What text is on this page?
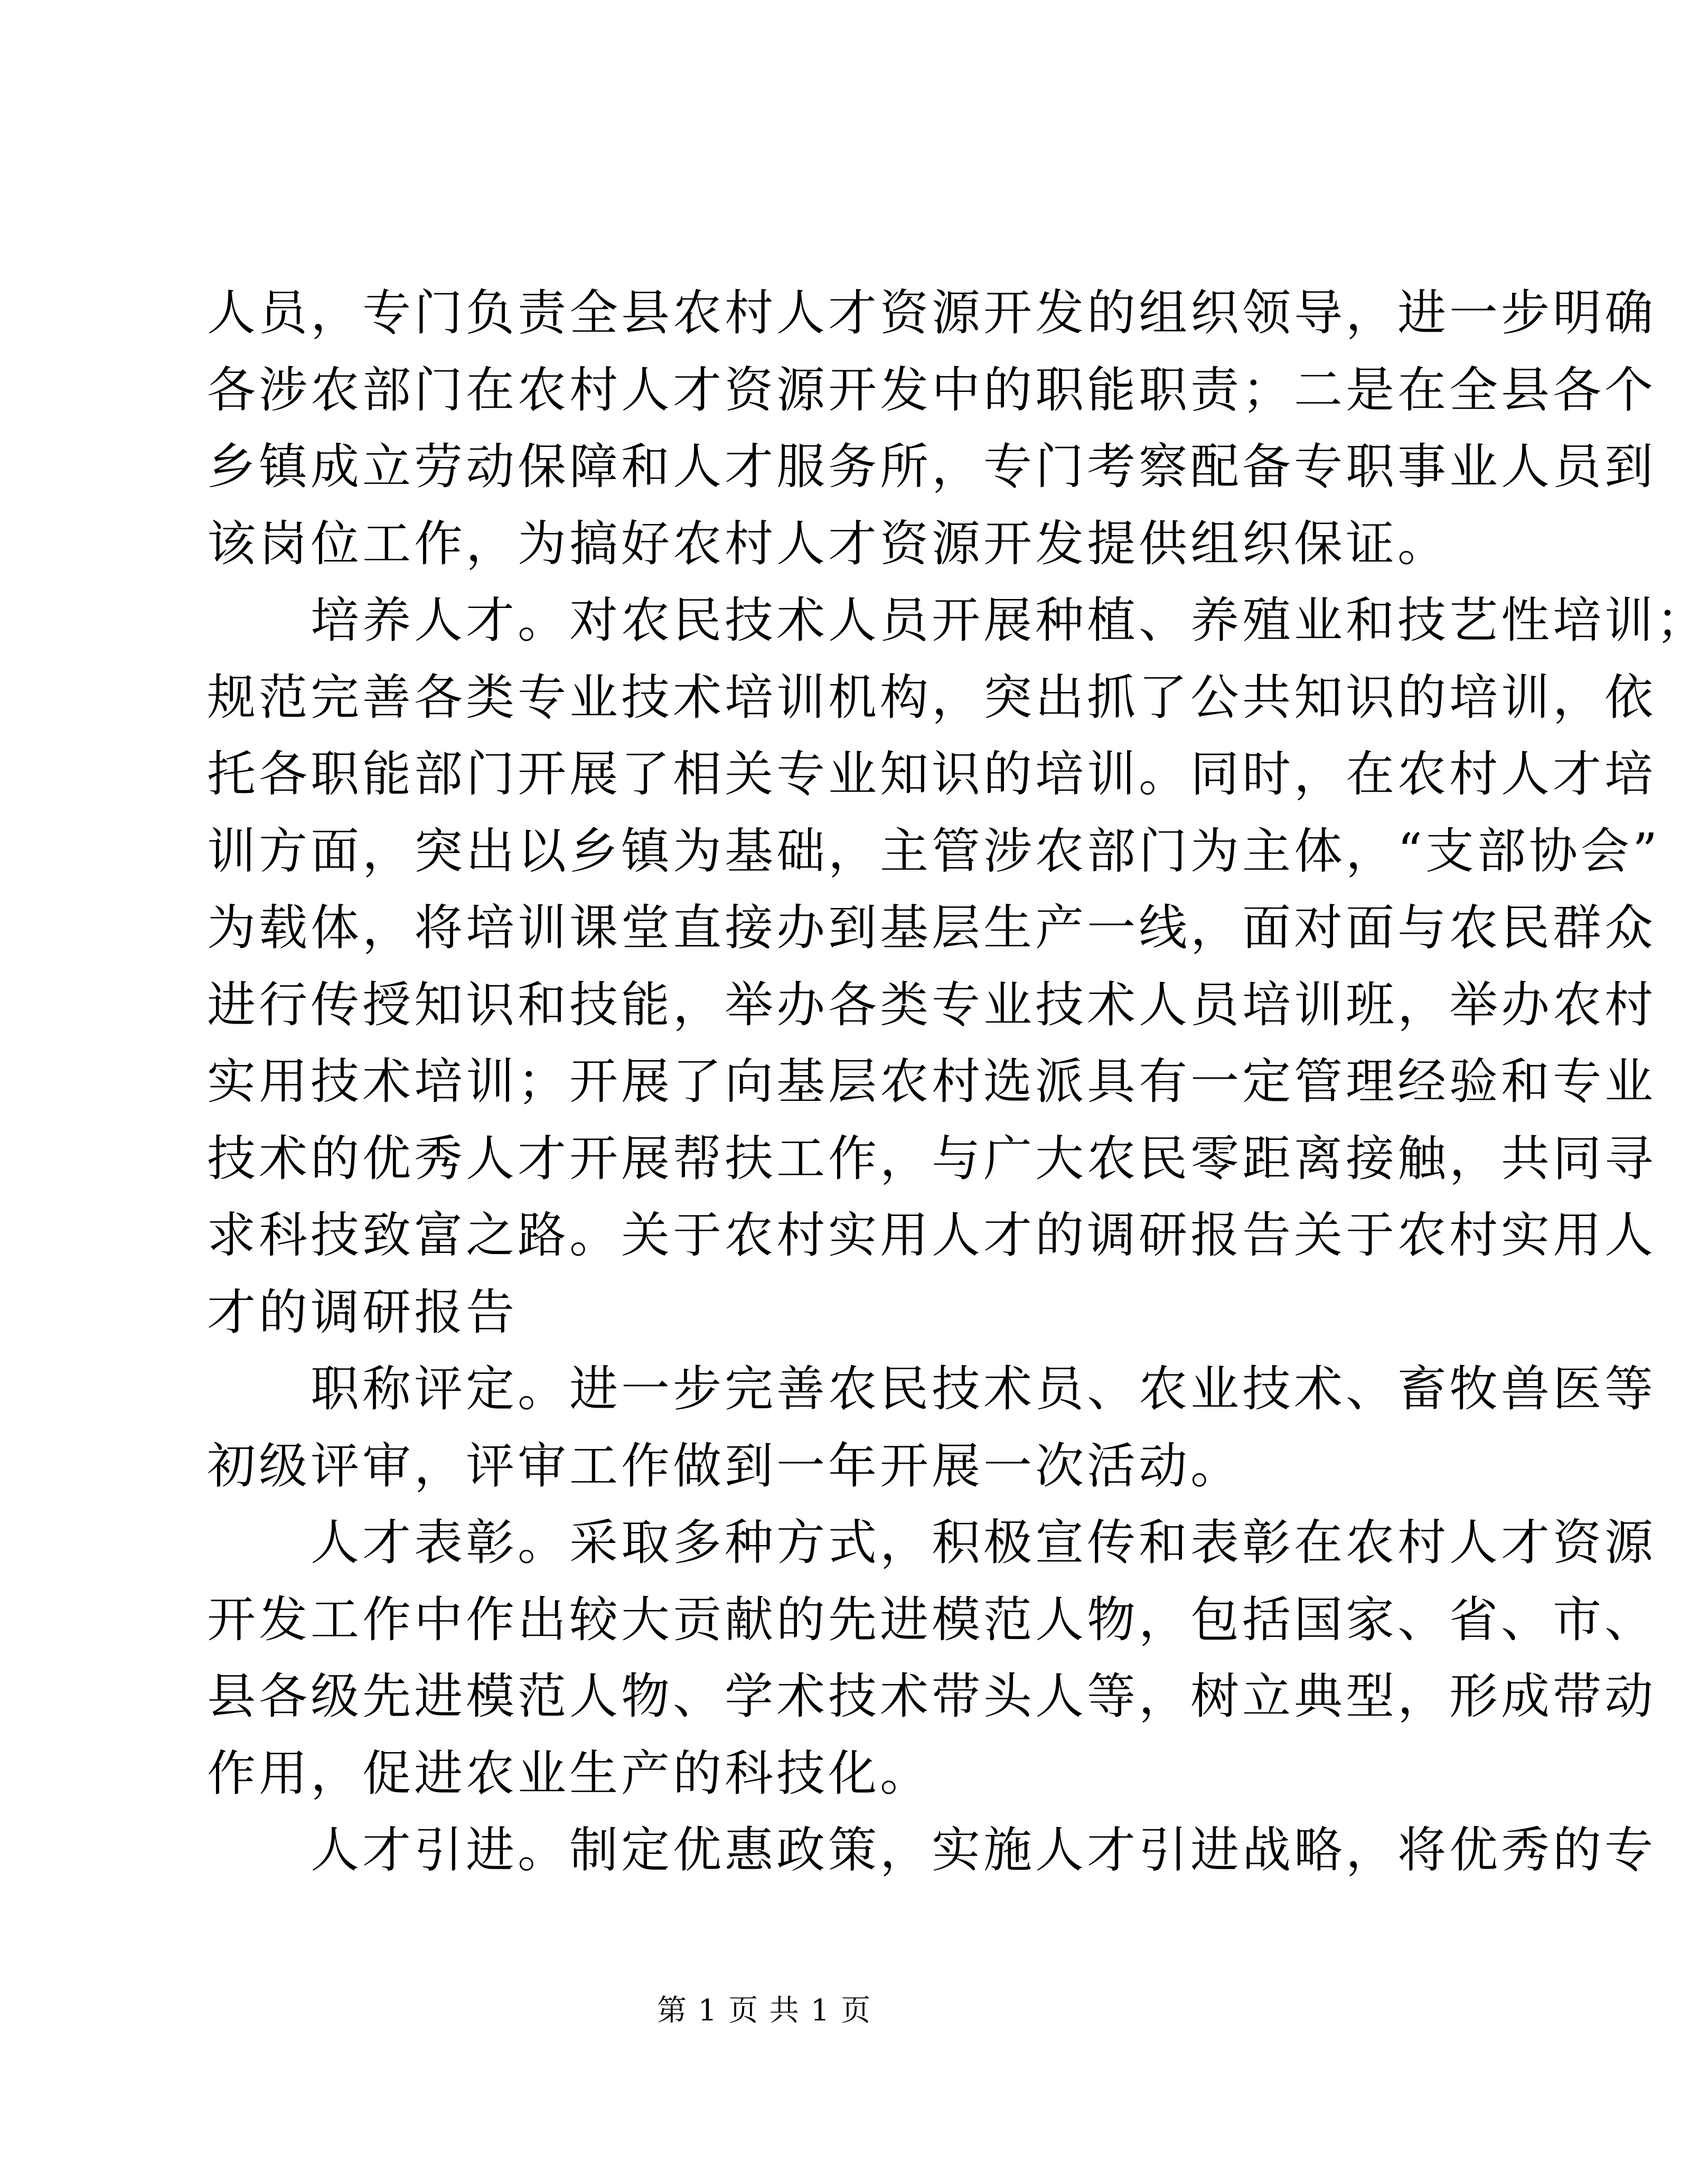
人员，专门负责全县农村人才资源开发的组织领导，进一步明确
各涉农部门在农村人才资源开发中的职能职责；二是在全县各个
乡镇成立劳动保障和人才服务所，专门考察配备专职事业人员到
该岗位工作，为搞好农村人才资源开发提供组织保证。

　　培养人才。对农民技术人员开展种植、养殖业和技艺性培训；
规范完善各类专业技术培训机构，突出抓了公共知识的培训，依
托各职能部门开展了相关专业知识的培训。同时，在农村人才培
训方面，突出以乡镇为基础，主管涉农部门为主体，“支部协会”
为载体，将培训课堂直接办到基层生产一线，面对面与农民群众
进行传授知识和技能，举办各类专业技术人员培训班，举办农村
实用技术培训；开展了向基层农村选派具有一定管理经验和专业
技术的优秀人才开展帮扶工作，与广大农民零距离接触，共同寻
求科技致富之路。关于农村实用人才的调研报告关于农村实用人
才的调研报告

　　职称评定。进一步完善农民技术员、农业技术、畜牧兽医等
初级评审，评审工作做到一年开展一次活动。

　　人才表彰。采取多种方式，积极宣传和表彰在农村人才资源
开发工作中作出较大贡献的先进模范人物，包括国家、省、市、
县各级先进模范人物、学术技术带头人等，树立典型，形成带动
作用，促进农业生产的科技化。

　　人才引进。制定优惠政策，实施人才引进战略，将优秀的专

第 1 页 共 1 页
